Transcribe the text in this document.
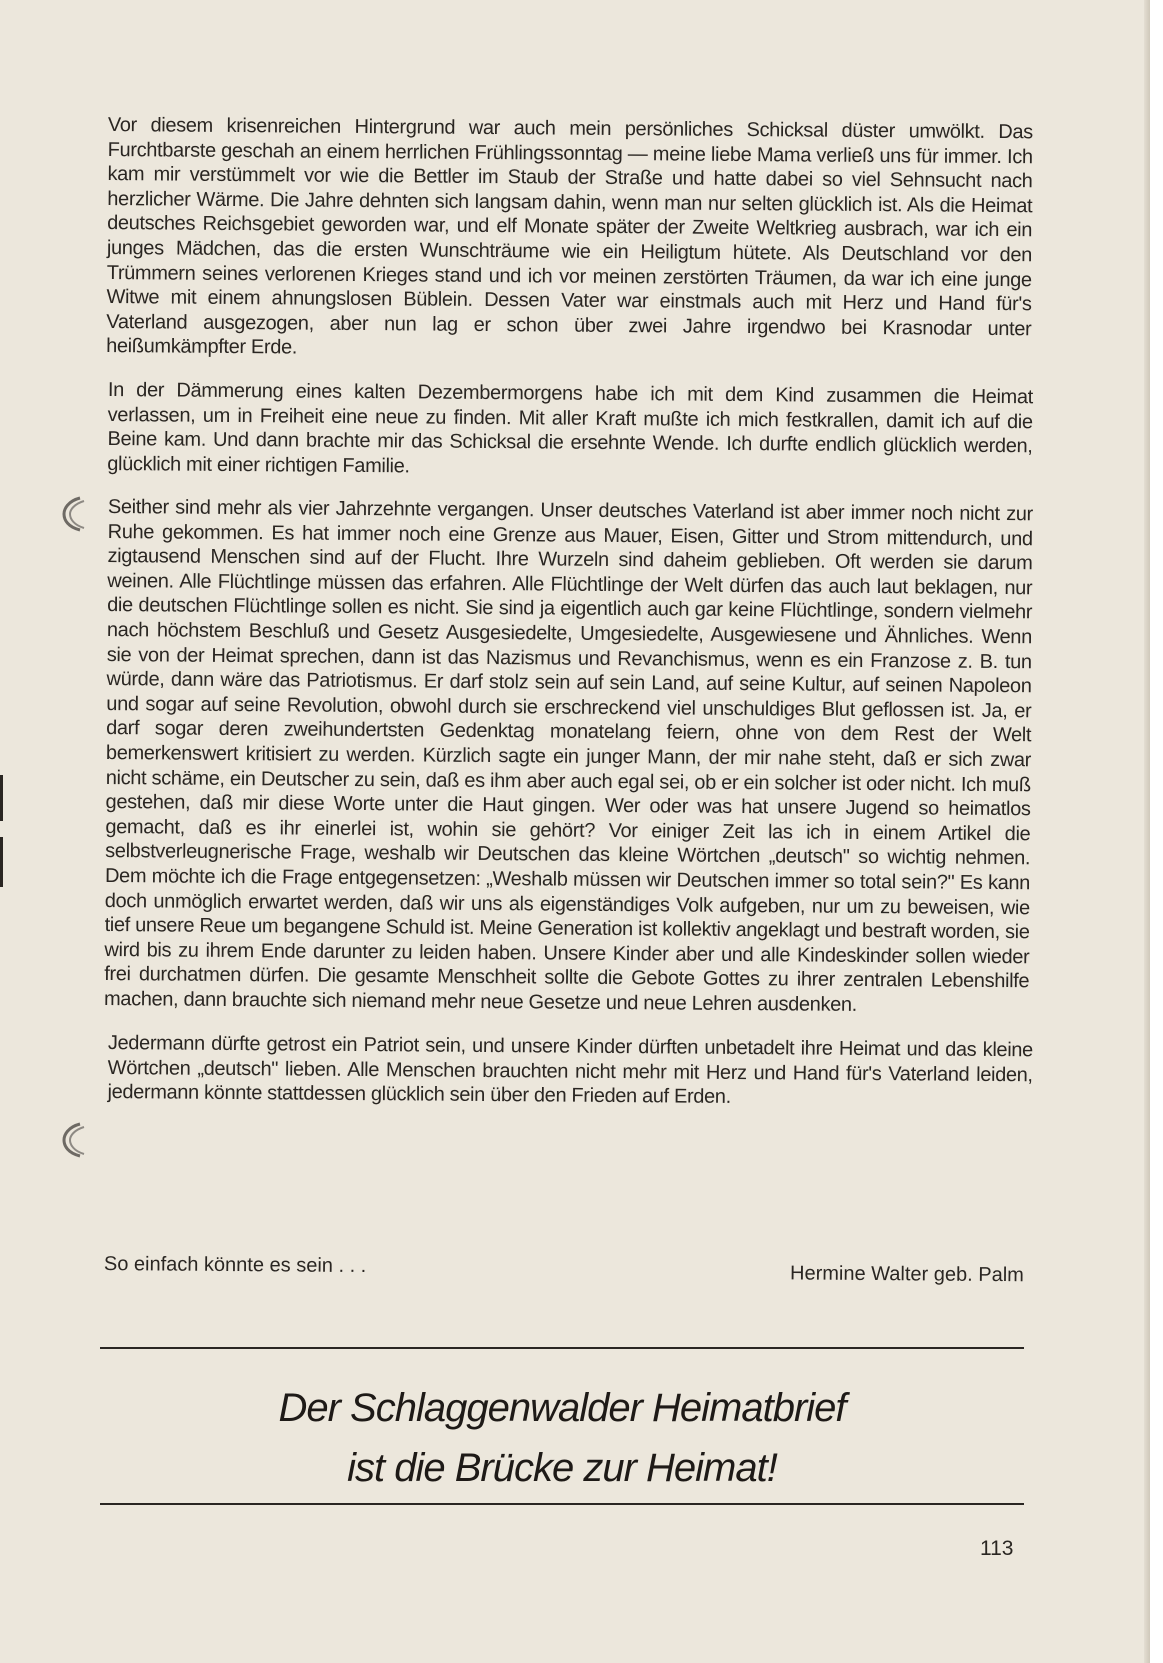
Vor diesem krisenreichen Hintergrund war auch mein persönliches Schicksal düster umwölkt. Das Furchtbarste geschah an einem herrlichen Frühlingssonntag — meine liebe Mama verließ uns für immer. Ich kam mir verstümmelt vor wie die Bettler im Staub der Straße und hatte dabei so viel Sehnsucht nach herzlicher Wärme. Die Jahre dehnten sich langsam dahin, wenn man nur selten glücklich ist. Als die Heimat deutsches Reichsgebiet geworden war, und elf Monate später der Zweite Weltkrieg ausbrach, war ich ein junges Mädchen, das die ersten Wunschträume wie ein Heiligtum hütete. Als Deutschland vor den Trümmern seines verlorenen Krieges stand und ich vor meinen zerstörten Träumen, da war ich eine junge Witwe mit einem ahnungslosen Büblein. Dessen Vater war einstmals auch mit Herz und Hand für's Vaterland ausgezogen, aber nun lag er schon über zwei Jahre irgendwo bei Krasnodar unter heißumkämpfter Erde.

In der Dämmerung eines kalten Dezembermorgens habe ich mit dem Kind zusammen die Heimat verlassen, um in Freiheit eine neue zu finden. Mit aller Kraft mußte ich mich festkrallen, damit ich auf die Beine kam. Und dann brachte mir das Schicksal die ersehnte Wende. Ich durfte endlich glücklich werden, glücklich mit einer richtigen Familie.

Seither sind mehr als vier Jahrzehnte vergangen. Unser deutsches Vaterland ist aber immer noch nicht zur Ruhe gekommen. Es hat immer noch eine Grenze aus Mauer, Eisen, Gitter und Strom mittendurch, und zigtausend Menschen sind auf der Flucht. Ihre Wurzeln sind daheim geblieben. Oft werden sie darum weinen. Alle Flüchtlinge müssen das erfahren. Alle Flüchtlinge der Welt dürfen das auch laut beklagen, nur die deutschen Flüchtlinge sollen es nicht. Sie sind ja eigentlich auch gar keine Flüchtlinge, sondern vielmehr nach höchstem Beschluß und Gesetz Ausgesiedelte, Umgesiedelte, Ausgewiesene und Ähnliches. Wenn sie von der Heimat sprechen, dann ist das Nazismus und Revanchismus, wenn es ein Franzose z. B. tun würde, dann wäre das Patriotismus. Er darf stolz sein auf sein Land, auf seine Kultur, auf seinen Napoleon und sogar auf seine Revolution, obwohl durch sie erschreckend viel unschuldiges Blut geflossen ist. Ja, er darf sogar deren zweihundertsten Gedenktag monatelang feiern, ohne von dem Rest der Welt bemerkenswert kritisiert zu werden. Kürzlich sagte ein junger Mann, der mir nahe steht, daß er sich zwar nicht schäme, ein Deutscher zu sein, daß es ihm aber auch egal sei, ob er ein solcher ist oder nicht. Ich muß gestehen, daß mir diese Worte unter die Haut gingen. Wer oder was hat unsere Jugend so heimatlos gemacht, daß es ihr einerlei ist, wohin sie gehört? Vor einiger Zeit las ich in einem Artikel die selbstverleugnerische Frage, weshalb wir Deutschen das kleine Wörtchen „deutsch" so wichtig nehmen. Dem möchte ich die Frage entgegensetzen: „Weshalb müssen wir Deutschen immer so total sein?" Es kann doch unmöglich erwartet werden, daß wir uns als eigenständiges Volk aufgeben, nur um zu beweisen, wie tief unsere Reue um begangene Schuld ist. Meine Generation ist kollektiv angeklagt und bestraft worden, sie wird bis zu ihrem Ende darunter zu leiden haben. Unsere Kinder aber und alle Kindeskinder sollen wieder frei durchatmen dürfen. Die gesamte Menschheit sollte die Gebote Gottes zu ihrer zentralen Lebenshilfe machen, dann brauchte sich niemand mehr neue Gesetze und neue Lehren ausdenken.

Jedermann dürfte getrost ein Patriot sein, und unsere Kinder dürften unbetadelt ihre Heimat und das kleine Wörtchen „deutsch" lieben. Alle Menschen brauchten nicht mehr mit Herz und Hand für's Vaterland leiden, jedermann könnte stattdessen glücklich sein über den Frieden auf Erden.

So einfach könnte es sein . . .	Hermine Walter geb. Palm
Der Schlaggenwalder Heimatbrief
ist die Brücke zur Heimat!
113
